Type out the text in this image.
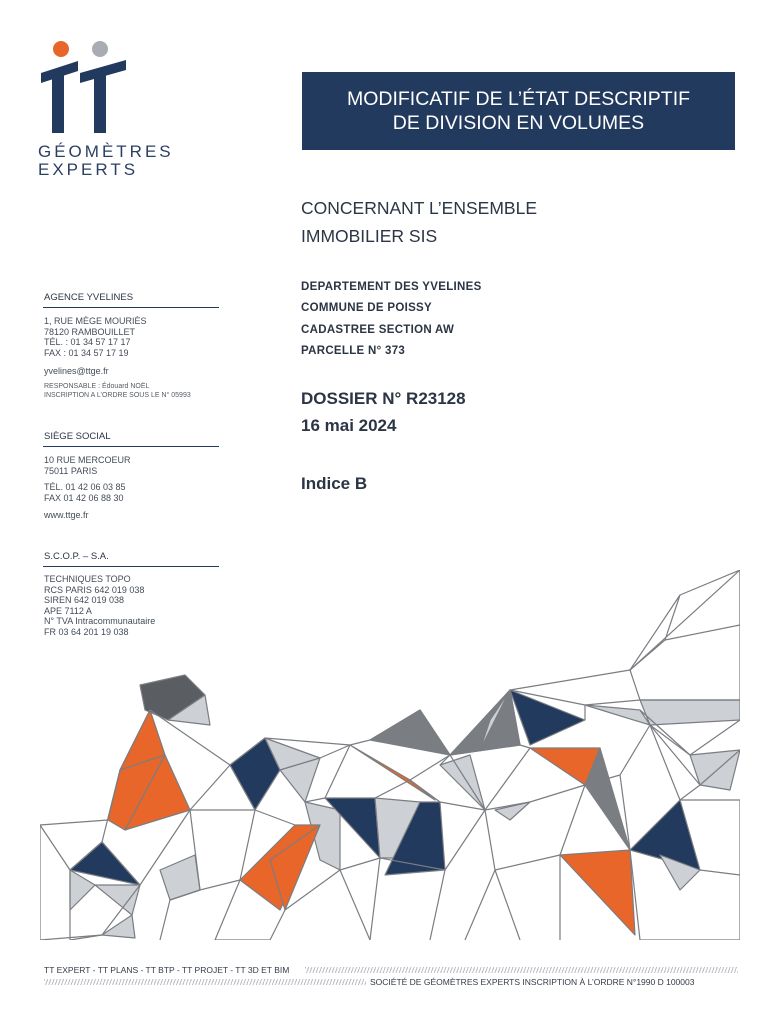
GÉOMÈTRES
EXPERTS
MODIFICATIF DE L’ÉTAT DESCRIPTIF
DE DIVISION EN VOLUMES
CONCERNANT L’ENSEMBLE
IMMOBILIER SIS
DEPARTEMENT DES YVELINES
COMMUNE DE POISSY
CADASTREE SECTION AW
PARCELLE N° 373
DOSSIER N° R23128
16 mai 2024
Indice B
AGENCE YVELINES
1, RUE MÈGE MOURIÈS
78120 RAMBOUILLET
TÉL. : 01 34 57 17 17
FAX : 01 34 57 17 19
yvelines@ttge.fr
RESPONSABLE : Édouard NOËL
INSCRIPTION A L’ORDRE SOUS LE N° 05993
SIÈGE SOCIAL
10 RUE MERCOEUR
75011 PARIS
TÉL. 01 42 06 03 85
FAX 01 42 06 88 30
www.ttge.fr
S.C.O.P. – S.A.
TECHNIQUES TOPO
RCS PARIS 642 019 038
SIREN 642 019 038
APE 7112 A
N° TVA Intracommunautaire
FR 03 64 201 19 038
TT EXPERT - TT PLANS - TT BTP - TT PROJET - TT 3D ET BIM
SOCIÉTÉ DE GÉOMÈTRES EXPERTS INSCRIPTION À L’ORDRE N°1990 D 100003
